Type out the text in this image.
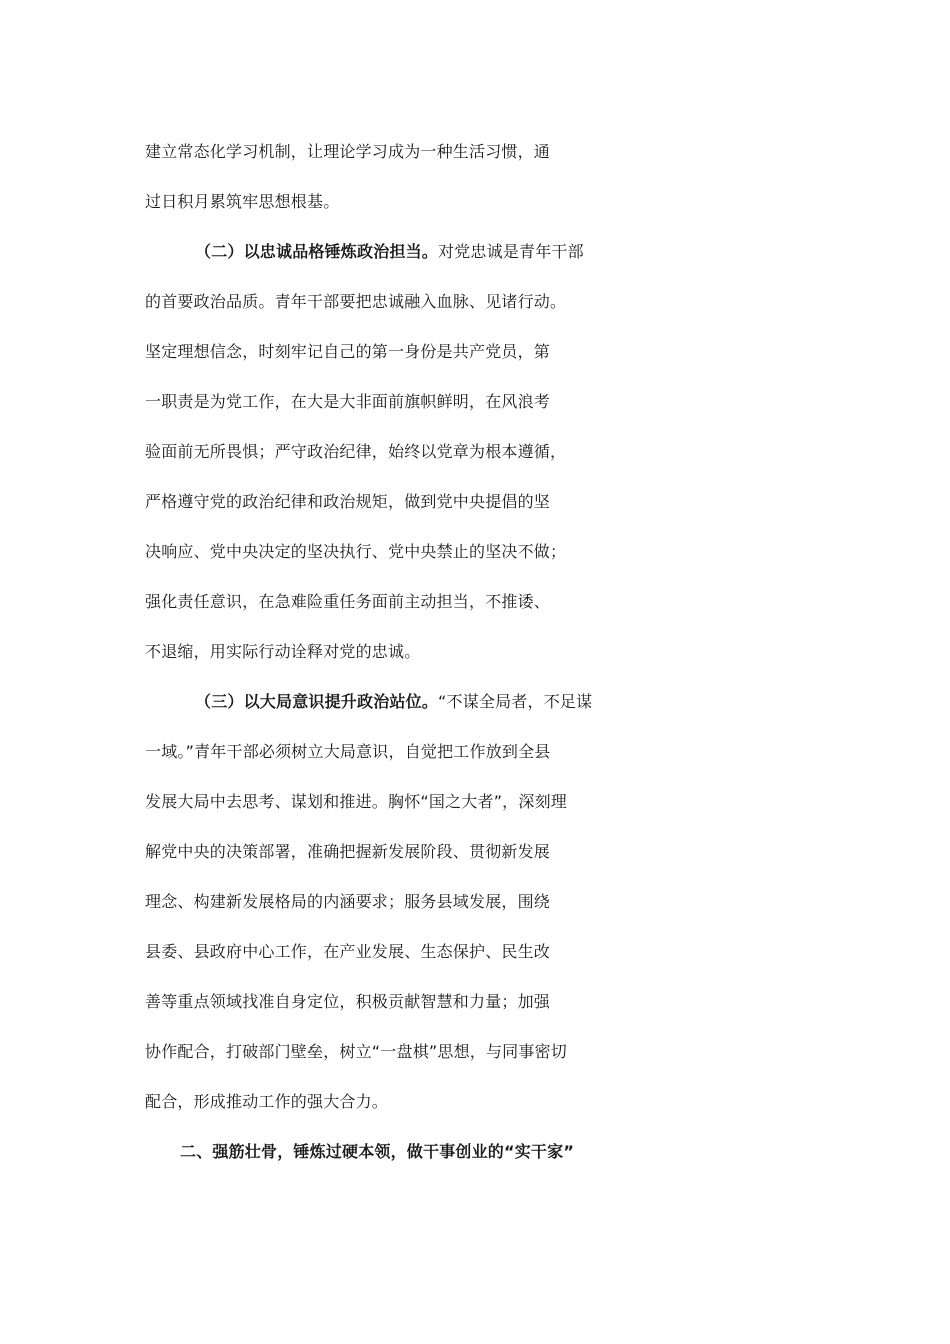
建立常态化学习机制，让理论学习成为一种生活习惯，通
过日积月累筑牢思想根基。
（二）以忠诚品格锤炼政治担当。对党忠诚是青年干部
的首要政治品质。青年干部要把忠诚融入血脉、见诸行动。
坚定理想信念，时刻牢记自己的第一身份是共产党员，第
一职责是为党工作，在大是大非面前旗帜鲜明，在风浪考
验面前无所畏惧；严守政治纪律，始终以党章为根本遵循，
严格遵守党的政治纪律和政治规矩，做到党中央提倡的坚
决响应、党中央决定的坚决执行、党中央禁止的坚决不做；
强化责任意识，在急难险重任务面前主动担当，不推诿、
不退缩，用实际行动诠释对党的忠诚。
（三）以大局意识提升政治站位。“不谋全局者，不足谋
一域。”青年干部必须树立大局意识，自觉把工作放到全县
发展大局中去思考、谋划和推进。胸怀“国之大者”，深刻理
解党中央的决策部署，准确把握新发展阶段、贯彻新发展
理念、构建新发展格局的内涵要求；服务县域发展，围绕
县委、县政府中心工作，在产业发展、生态保护、民生改
善等重点领域找准自身定位，积极贡献智慧和力量；加强
协作配合，打破部门壁垒，树立“一盘棋”思想，与同事密切
配合，形成推动工作的强大合力。
二、强筋壮骨，锤炼过硬本领，做干事创业的“实干家”
